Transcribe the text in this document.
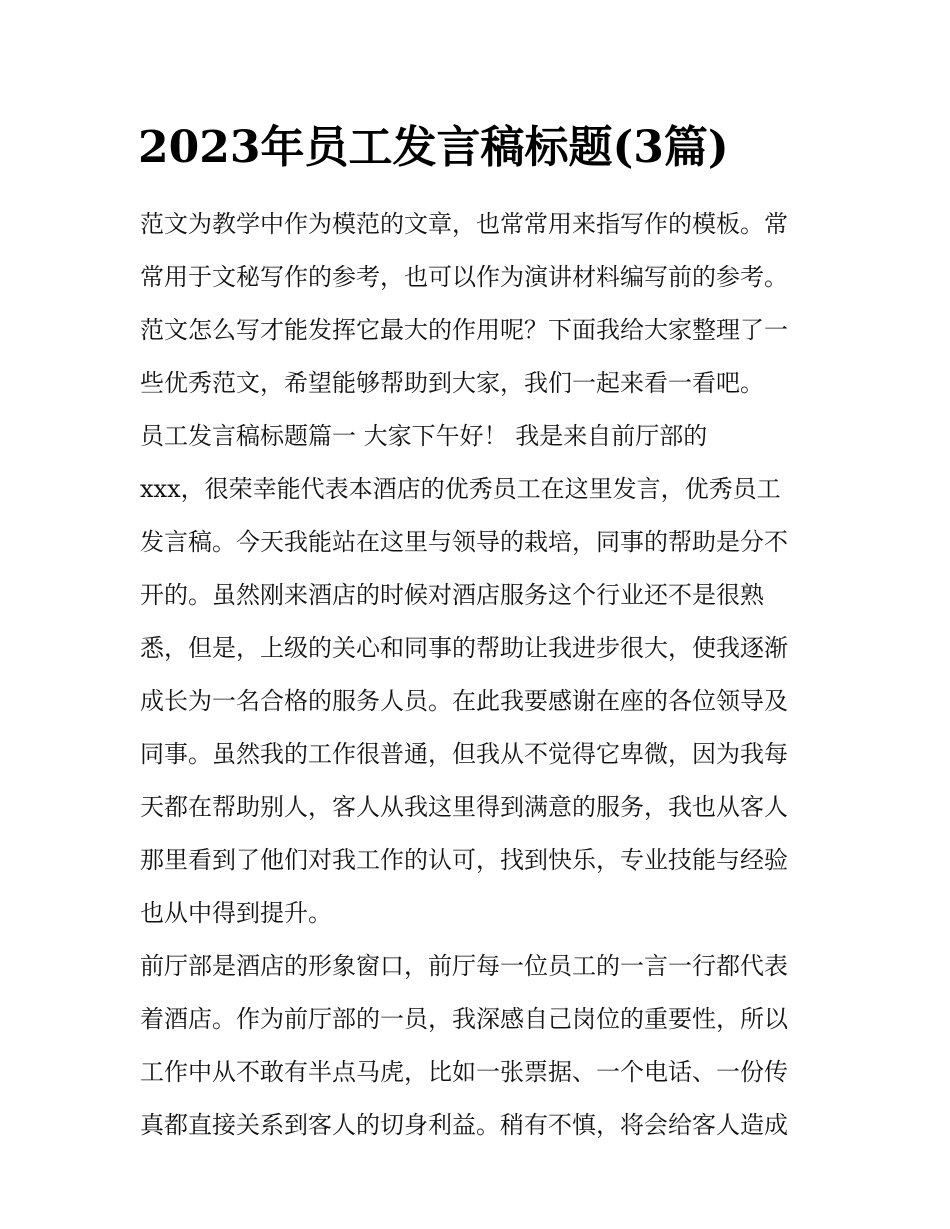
2023年员工发言稿标题(3篇)
范文为教学中作为模范的文章，也常常用来指写作的模板。常
常用于文秘写作的参考，也可以作为演讲材料编写前的参考。
范文怎么写才能发挥它最大的作用呢？下面我给大家整理了一
些优秀范文，希望能够帮助到大家，我们一起来看一看吧。
员工发言稿标题篇一 大家下午好！ 我是来自前厅部的
xxx，很荣幸能代表本酒店的优秀员工在这里发言，优秀员工
发言稿。今天我能站在这里与领导的栽培，同事的帮助是分不
开的。虽然刚来酒店的时候对酒店服务这个行业还不是很熟
悉，但是，上级的关心和同事的帮助让我进步很大，使我逐渐
成长为一名合格的服务人员。在此我要感谢在座的各位领导及
同事。虽然我的工作很普通，但我从不觉得它卑微，因为我每
天都在帮助别人，客人从我这里得到满意的服务，我也从客人
那里看到了他们对我工作的认可，找到快乐，专业技能与经验
也从中得到提升。
前厅部是酒店的形象窗口，前厅每一位员工的一言一行都代表
着酒店。作为前厅部的一员，我深感自己岗位的重要性，所以
工作中从不敢有半点马虎，比如一张票据、一个电话、一份传
真都直接关系到客人的切身利益。稍有不慎，将会给客人造成
